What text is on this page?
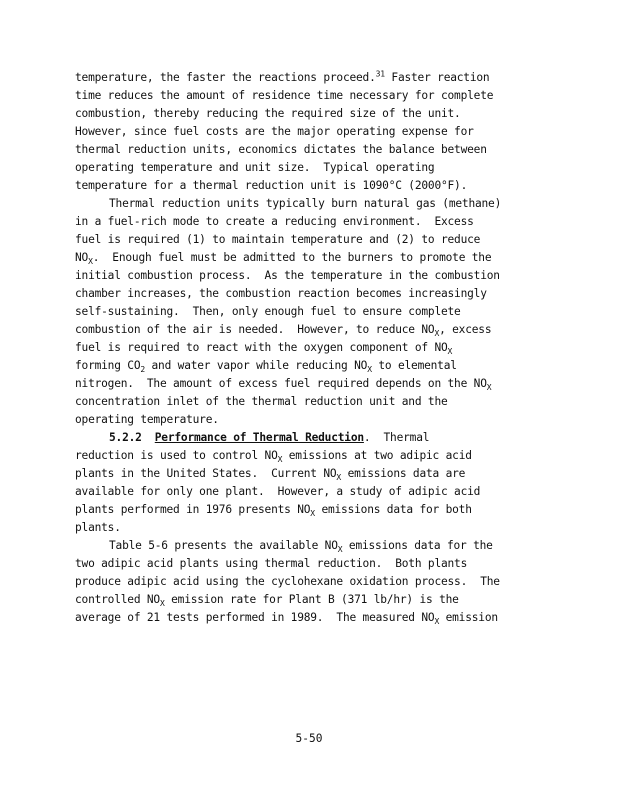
temperature, the faster the reactions proceed.$^{31}$ Faster reaction
time reduces the amount of residence time necessary for complete
combustion, thereby reducing the required size of the unit.
However, since fuel costs are the major operating expense for
thermal reduction units, economics dictates the balance between
operating temperature and unit size.  Typical operating
temperature for a thermal reduction unit is 1090°C (2000°F).
Thermal reduction units typically burn natural gas (methane)
in a fuel-rich mode to create a reducing environment.  Excess
fuel is required (1) to maintain temperature and (2) to reduce
$NO_X$.  Enough fuel must be admitted to the burners to promote the
initial combustion process.  As the temperature in the combustion
chamber increases, the combustion reaction becomes increasingly
self-sustaining.  Then, only enough fuel to ensure complete
combustion of the air is needed.  However, to reduce $NO_X$, excess
fuel is required to react with the oxygen component of $NO_X$
forming $CO_2$ and water vapor while reducing $NO_X$ to elemental
nitrogen.  The amount of excess fuel required depends on the $NO_X$
concentration inlet of the thermal reduction unit and the
operating temperature.
5.2.2 Performance of Thermal Reduction.  Thermal
reduction is used to control $NO_X$ emissions at two adipic acid
plants in the United States.  Current $NO_X$ emissions data are
available for only one plant.  However, a study of adipic acid
plants performed in 1976 presents $NO_X$ emissions data for both
plants.
Table 5-6 presents the available $NO_X$ emissions data for the
two adipic acid plants using thermal reduction.  Both plants
produce adipic acid using the cyclohexane oxidation process.  The
controlled $NO_X$ emission rate for Plant B (371 lb/hr) is the
average of 21 tests performed in 1989.  The measured $NO_X$ emission
5-50
